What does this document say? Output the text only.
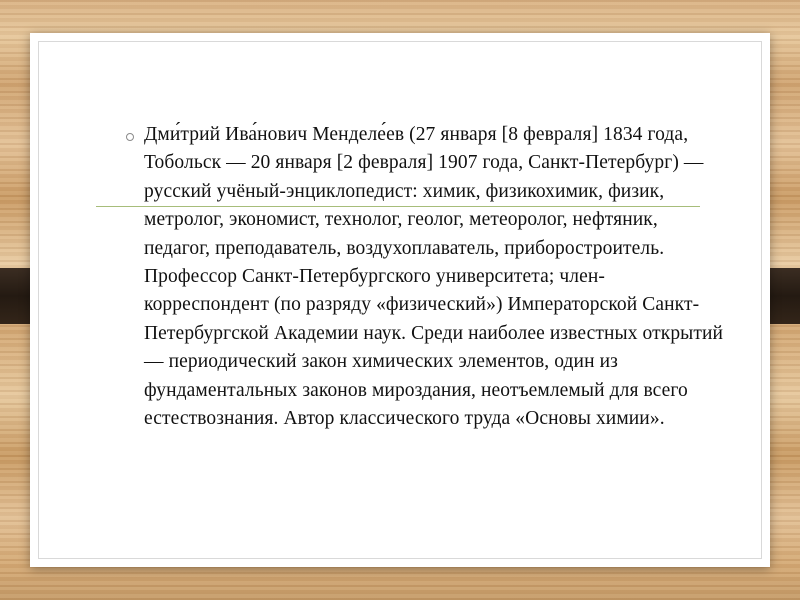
Дми́трий Ива́нович Менделе́ев (27 января [8 февраля] 1834 года, Тобольск — 20 января [2 февраля] 1907 года, Санкт-Петербург) — русский учёный-энциклопедист: химик, физикохимик, физик, метролог, экономист, технолог, геолог, метеоролог, нефтяник, педагог, преподаватель, воздухоплаватель, приборостроитель. Профессор Санкт-Петербургского университета; член-корреспондент (по разряду «физический») Императорской Санкт-Петербургской Академии наук. Среди наиболее известных открытий — периодический закон химических элементов, один из фундаментальных законов мироздания, неотъемлемый для всего естествознания. Автор классического труда «Основы химии».
